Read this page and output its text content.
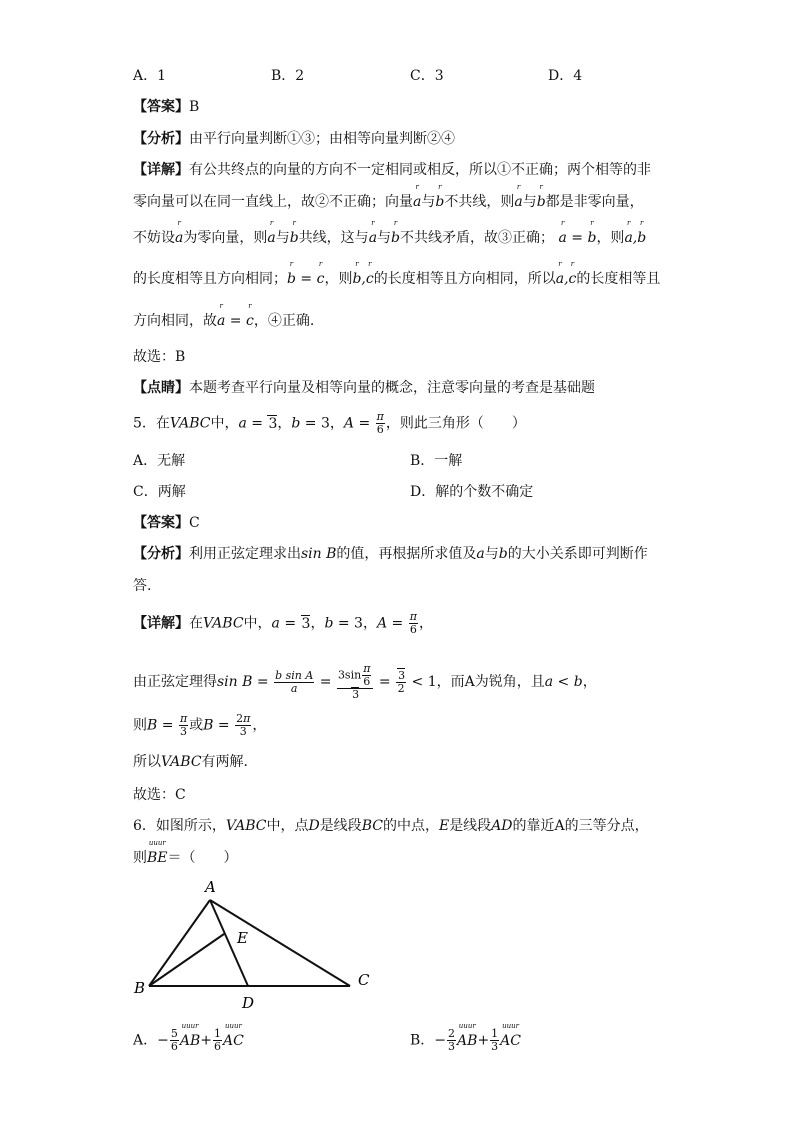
A．1	B．2	C．3	D．4
【答案】B
【分析】由平行向量判断①③；由相等向量判断②④
【详解】有公共终点的向量的方向不一定相同或相反，所以①不正确；两个相等的非
零向量可以在同一直线上，故②不正确；向量a
r
与b
r
不共线，则a
r
与b
r
都是非零向量，
不妨设a
r
为零向量，则a
r
与b
r
共线，这与a
r
与b
r
不共线矛盾，故③正确； a
r
= b
r
，则a
r
,b
r
的长度相等且方向相同；b
r
= c
r
，则b
r
,c
r
的长度相等且方向相同，所以a
r
,c
r
的长度相等且
方向相同，故a
r
= c
r
，④正确.
故选：B
【点睛】本题考查平行向量及相等向量的概念，注意零向量的考查是基础题
5．在VABC中，a = 3，b = 3，$A = \frac{\pi}{6}$ ，则此三角形（　　）
A．无解	B．一解
C．两解	D．解的个数不确定
【答案】C
【分析】利用正弦定理求出sin B的值，再根据所求值及a与b的大小关系即可判断作
答.
【详解】在VABC中，a = 3，b = 3，$A = \frac{\pi}{6}$ ，
由正弦定理得$\sin B = \frac{\text{b sin A}}{a} = \frac{3\sin \frac{\pi}{6}}{3} = \frac{3}{2} < 1$，而A为锐角，且a < b，
则$B = \frac{\pi}{3}$ 或$B = \frac{2\pi}{3}$ ，
所以VABC有两解．
故选：C
6．如图所示，VABC中，点D是线段BC的中点，E是线段AD的靠近A的三等分点，
则BE
uuur
＝（　　）
A
B	C
D
E
A．− $\frac{5}{6}$ AB
uuur
+ $\frac{1}{6}$ AC
uuur
B．− $\frac{2}{3}$ AB
uuur
+ $\frac{1}{3}$ AC
uuur
